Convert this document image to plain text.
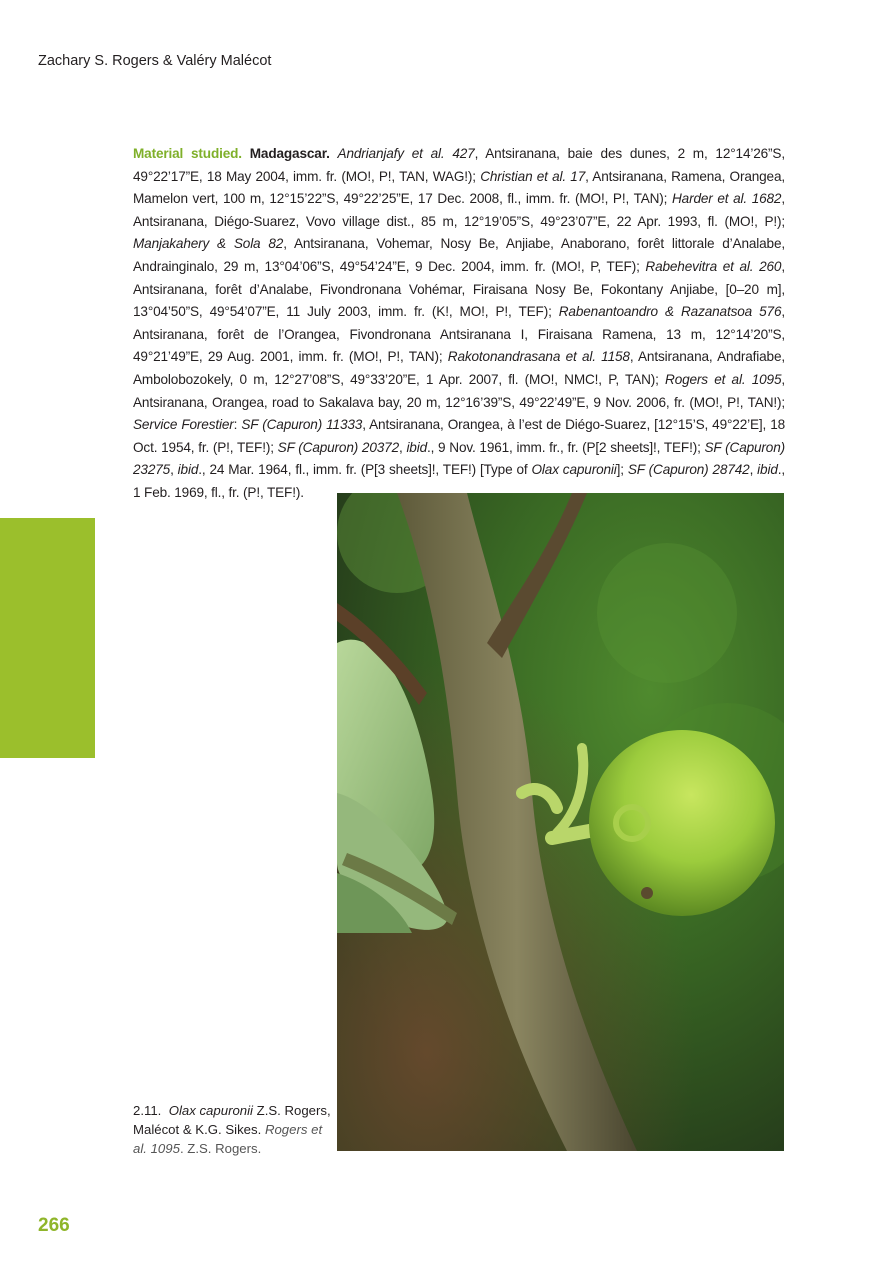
Zachary S. Rogers & Valéry Malécot
Material studied. Madagascar. Andrianjafy et al. 427, Antsiranana, baie des dunes, 2 m, 12°14’26”S, 49°22’17”E, 18 May 2004, imm. fr. (MO!, P!, TAN, WAG!); Christian et al. 17, Antsiranana, Ramena, Orangea, Mamelon vert, 100 m, 12°15’22”S, 49°22’25”E, 17 Dec. 2008, fl., imm. fr. (MO!, P!, TAN); Harder et al. 1682, Antsiranana, Diégo-Suarez, Vovo village dist., 85 m, 12°19’05”S, 49°23’07”E, 22 Apr. 1993, fl. (MO!, P!); Manjakahery & Sola 82, Antsiranana, Vohemar, Nosy Be, Anjiabe, Anaborano, forêt littorale d’Analabe, Andrainginalo, 29 m, 13°04’06”S, 49°54’24”E, 9 Dec. 2004, imm. fr. (MO!, P, TEF); Rabehevitra et al. 260, Antsiranana, forêt d’Analabe, Fivondronana Vohémar, Firaisana Nosy Be, Fokontany Anjiabe, [0–20 m], 13°04’50”S, 49°54’07”E, 11 July 2003, imm. fr. (K!, MO!, P!, TEF); Rabenantoandro & Razanatsoa 576, Antsiranana, forêt de l’Orangea, Fivondronana Antsiranana I, Firaisana Ramena, 13 m, 12°14’20”S, 49°21’49”E, 29 Aug. 2001, imm. fr. (MO!, P!, TAN); Rakotonandrasana et al. 1158, Antsiranana, Andrafiabe, Ambolobozokely, 0 m, 12°27’08”S, 49°33’20”E, 1 Apr. 2007, fl. (MO!, NMC!, P, TAN); Rogers et al. 1095, Antsiranana, Orangea, road to Sakalava bay, 20 m, 12°16’39”S, 49°22’49”E, 9 Nov. 2006, fr. (MO!, P!, TAN!); Service Forestier: SF (Capuron) 11333, Antsiranana, Orangea, à l’est de Diégo-Suarez, [12°15’S, 49°22’E], 18 Oct. 1954, fr. (P!, TEF!); SF (Capuron) 20372, ibid., 9 Nov. 1961, imm. fr., fr. (P[2 sheets]!, TEF!); SF (Capuron) 23275, ibid., 24 Mar. 1964, fl., imm. fr. (P[3 sheets]!, TEF!) [Type of Olax capuronii]; SF (Capuron) 28742, ibid., 1 Feb. 1969, fl., fr. (P!, TEF!).
2.11. Olax capuronii Z.S. Rogers, Malécot & K.G. Sikes. Rogers et al. 1095. Z.S. Rogers.
266
